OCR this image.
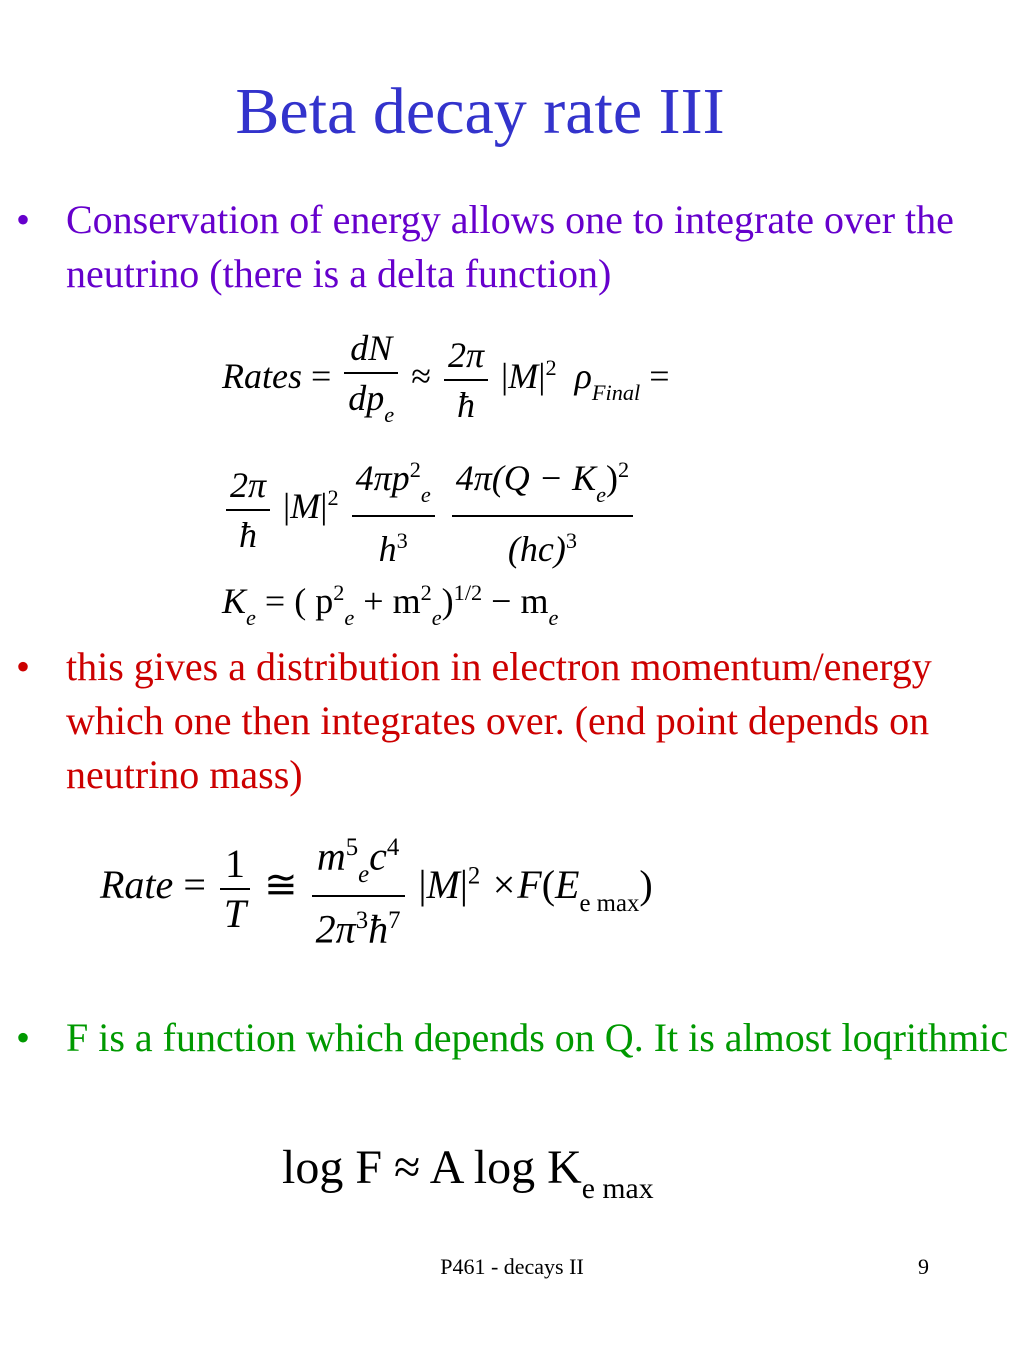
Beta decay rate III
• Conservation of energy allows one to integrate over the neutrino (there is a delta function)
Rates = $\frac{dN}{dp_e} \approx \frac{2\pi}{ħ} |M|^2$ $\rho_{Final}$ =
$\frac{2\pi}{ħ} |M|^2 \frac{4\pi p^2_e}{h^3}$
$\frac{4\pi(Q - K_e)^2}{(hc)^3}$
$K_e$ = ( $p^2_e + m^2_e)^{1/2} - m_e$
• this gives a distribution in electron momentum/energy which one then integrates over. (end point depends on neutrino mass)
Rate = $\frac{1}{T}$ ≅ $\frac{m^5_ec^4}{2\pi^3ħ^7} |M|^2 \times F(E_{e max})$
• F is a function which depends on Q. It is almost loqrithmic
log F ≈ A $\log K_{e max}$
P461 - decays II	9
